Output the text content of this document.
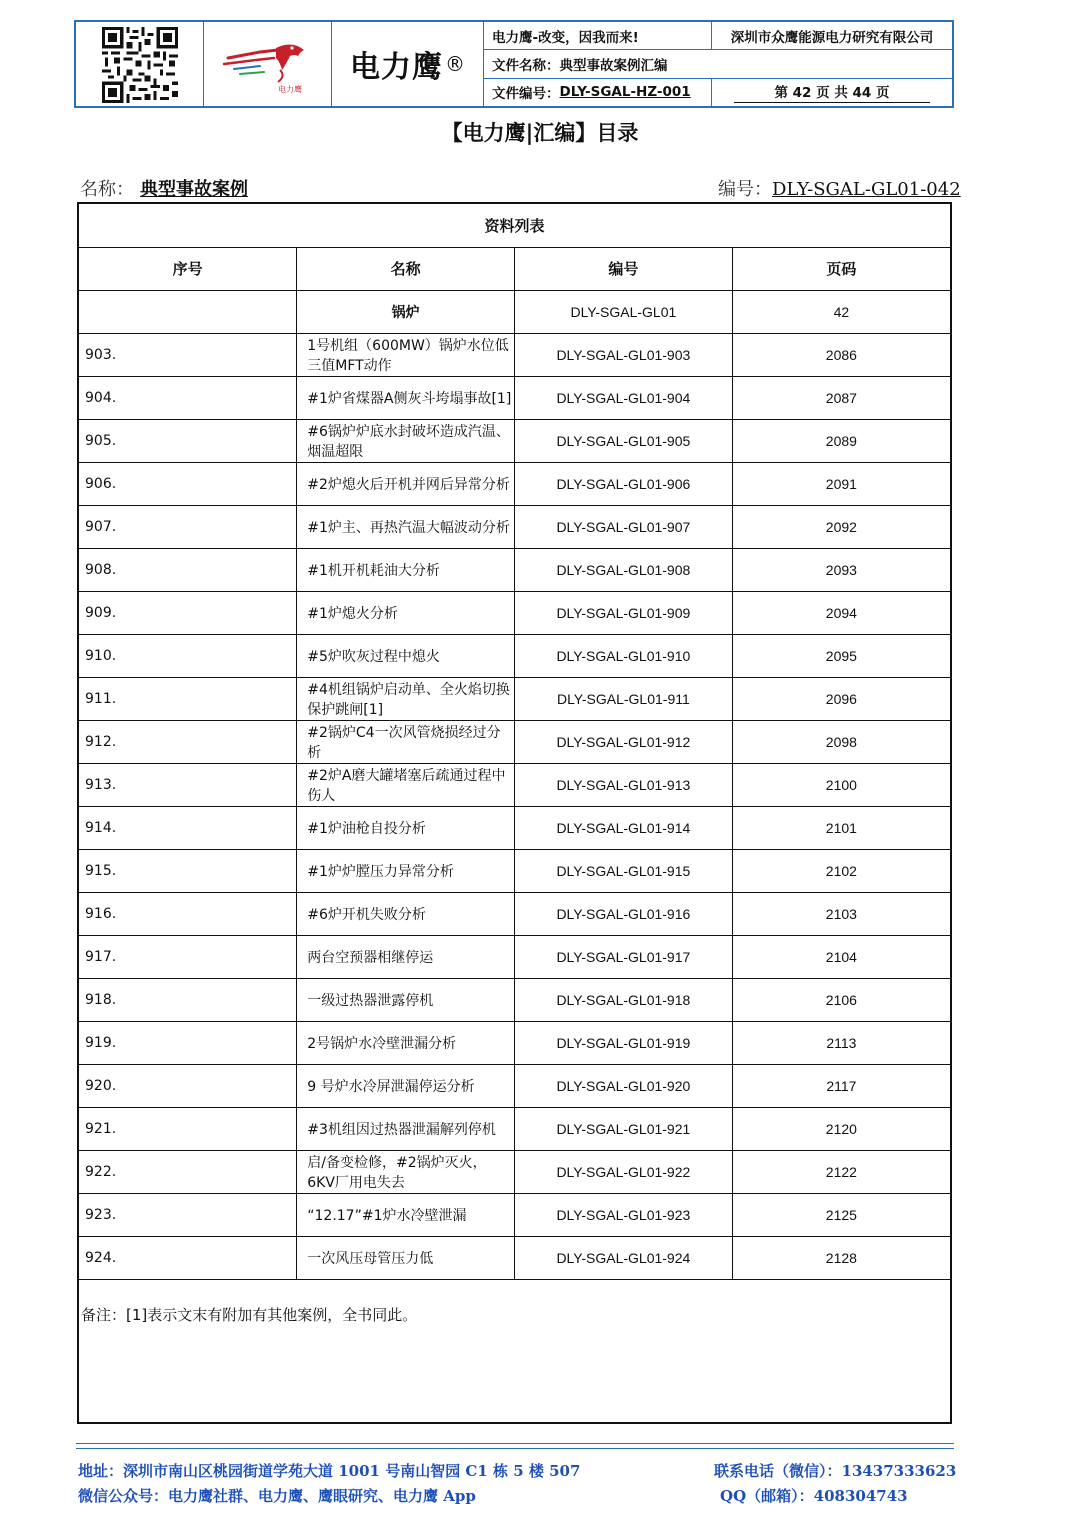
电力鹰
电力鹰 ®
电力鹰-改变，因我而来!	深圳市众鹰能源电力研究有限公司
文件名称：典型事故案例汇编
文件编号： DLY-SGAL-HZ-001	第 42 页 共 44 页
【电力鹰|汇编】目录
名称： 典型事故案例	编号：DLY-SGAL-GL01-042
资料列表			
序号	名称	编号	页码
	锅炉	DLY-SGAL-GL01	42
903.	1号机组（600MW）锅炉水位低三值MFT动作	DLY-SGAL-GL01-903	2086
904.	#1炉省煤器A侧灰斗垮塌事故[1]	DLY-SGAL-GL01-904	2087
905.	#6锅炉炉底水封破坏造成汽温、烟温超限	DLY-SGAL-GL01-905	2089
906.	#2炉熄火后开机并网后异常分析	DLY-SGAL-GL01-906	2091
907.	#1炉主、再热汽温大幅波动分析	DLY-SGAL-GL01-907	2092
908.	#1机开机耗油大分析	DLY-SGAL-GL01-908	2093
909.	#1炉熄火分析	DLY-SGAL-GL01-909	2094
910.	#5炉吹灰过程中熄火	DLY-SGAL-GL01-910	2095
911.	#4机组锅炉启动单、全火焰切换保护跳闸[1]	DLY-SGAL-GL01-911	2096
912.	#2锅炉C4一次风管烧损经过分析	DLY-SGAL-GL01-912	2098
913.	#2炉A磨大罐堵塞后疏通过程中伤人	DLY-SGAL-GL01-913	2100
914.	#1炉油枪自投分析	DLY-SGAL-GL01-914	2101
915.	#1炉炉膛压力异常分析	DLY-SGAL-GL01-915	2102
916.	#6炉开机失败分析	DLY-SGAL-GL01-916	2103
917.	两台空预器相继停运	DLY-SGAL-GL01-917	2104
918.	一级过热器泄露停机	DLY-SGAL-GL01-918	2106
919.	2号锅炉水冷壁泄漏分析	DLY-SGAL-GL01-919	2113
920.	9 号炉水冷屏泄漏停运分析	DLY-SGAL-GL01-920	2117
921.	#3机组因过热器泄漏解列停机	DLY-SGAL-GL01-921	2120
922.	启/备变检修，#2锅炉灭火，6KV厂用电失去	DLY-SGAL-GL01-922	2122
923.	“12.17”#1炉水冷壁泄漏	DLY-SGAL-GL01-923	2125
924.	一次风压母管压力低	DLY-SGAL-GL01-924	2128
备注：[1]表示文末有附加有其他案例，全书同此。
地址：深圳市南山区桃园街道学苑大道 1001 号南山智园 C1 栋 5 楼 507	联系电话（微信）：13437333623
微信公众号：电力鹰社群、电力鹰、鹰眼研究、电力鹰 App	QQ（邮箱）：408304743
